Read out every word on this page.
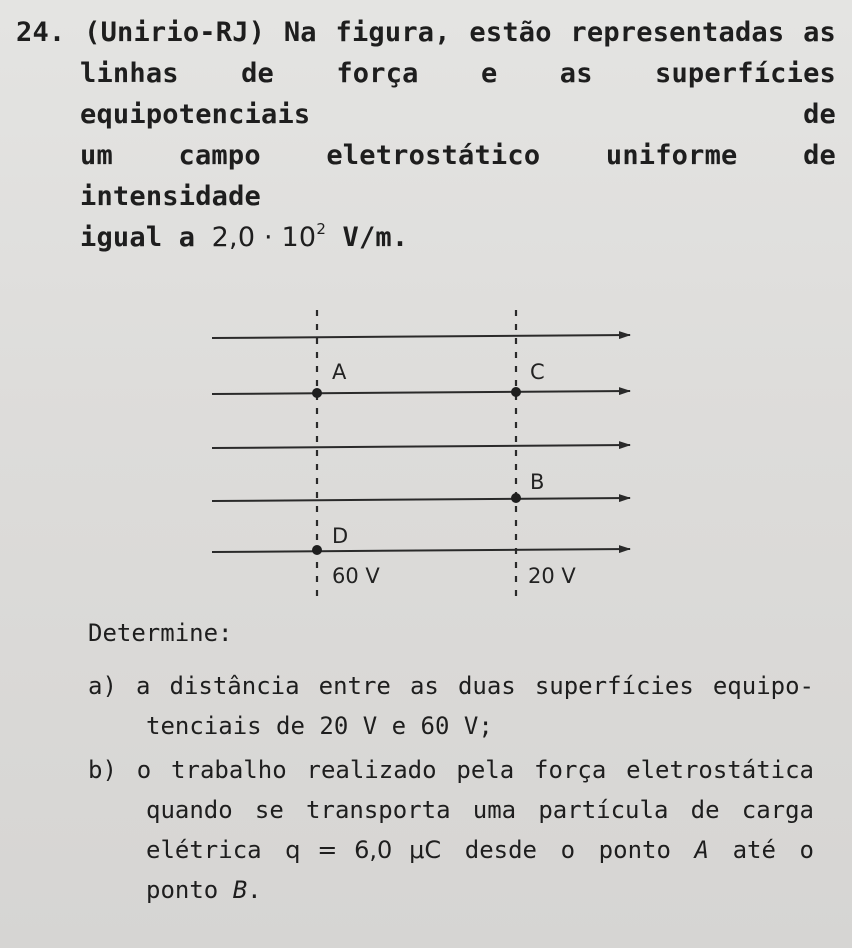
24. (Unirio-RJ) Na figura, estão representadas as
linhas de força e as superfícies equipotenciais de
um campo eletrostático uniforme de intensidade
igual a $2,0 \cdot 10^2$ V/m.
A	C
B
D
60 V	20 V
Determine:
a) a distância entre as duas superfícies equipo-
tenciais de 20 V e 60 V;
b) o trabalho realizado pela força eletrostática
quando se transporta uma partícula de carga
elétrica q = 6,0 μC desde o ponto A até o
ponto B.
